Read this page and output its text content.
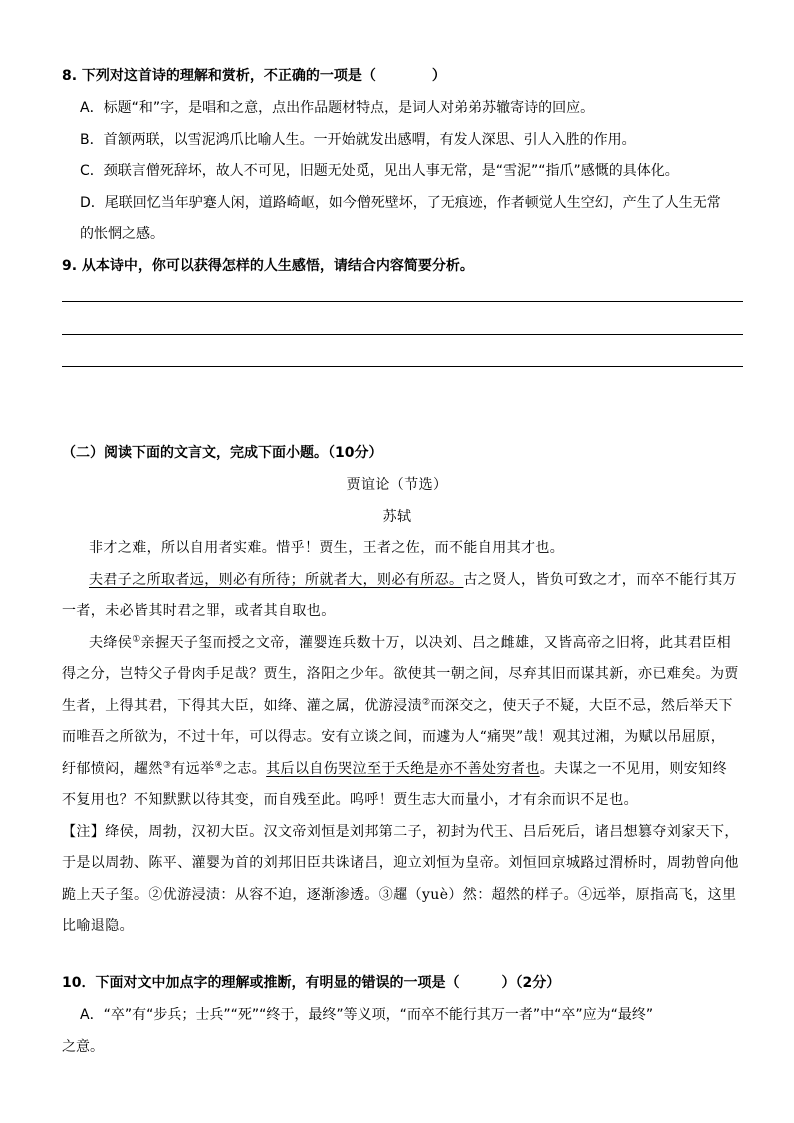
8. 下列对这首诗的理解和赏析，不正确的一项是（　　　　）
A．标题“和”字，是唱和之意，点出作品题材特点，是词人对弟弟苏辙寄诗的回应。
B．首颔两联，以雪泥鸿爪比喻人生。一开始就发出感喟，有发人深思、引人入胜的作用。
C．颈联言僧死辞坏，故人不可见，旧题无处觅，见出人事无常，是“雪泥”“指爪”感慨的具体化。
D．尾联回忆当年驴蹇人闲，道路崎岖，如今僧死壁坏，了无痕迹，作者顿觉人生空幻，产生了人生无常
的怅惘之感。
9. 从本诗中，你可以获得怎样的人生感悟，请结合内容简要分析。
（二）阅读下面的文言文，完成下面小题。（10分）
贾谊论（节选）
苏轼
非才之难，所以自用者实难。惜乎！贾生，王者之佐，而不能自用其才也。
夫君子之所取者远，则必有所待；所就者大，则必有所忍。古之贤人，皆负可致之才，而卒不能行其万
一者，未必皆其时君之罪，或者其自取也。
夫绛侯①亲握天子玺而授之文帝，灌婴连兵数十万，以决刘、吕之雌雄，又皆高帝之旧将，此其君臣相
得之分，岂特父子骨肉手足哉？贾生，洛阳之少年。欲使其一朝之间，尽弃其旧而谋其新，亦已难矣。为贾
生者，上得其君，下得其大臣，如绛、灌之属，优游浸渍②而深交之，使天子不疑，大臣不忌，然后举天下
而唯吾之所欲为，不过十年，可以得志。安有立谈之间，而遽为人“痛哭”哉！观其过湘，为赋以吊屈原，
纡郁愤闷，趯然③有远举④之志。其后以自伤哭泣至于夭绝是亦不善处穷者也。夫谋之一不见用，则安知终
不复用也？不知默默以待其变，而自残至此。呜呼！贾生志大而量小，才有余而识不足也。
【注】绛侯，周勃，汉初大臣。汉文帝刘恒是刘邦第二子，初封为代王、吕后死后，诸吕想篡夺刘家天下，
于是以周勃、陈平、灌婴为首的刘邦旧臣共诛诸吕，迎立刘恒为皇帝。刘恒回京城路过渭桥时，周勃曾向他
跪上天子玺。②优游浸渍：从容不迫，逐渐渗透。③趯（yuè）然：超然的样子。④远举，原指高飞，这里
比喻退隐。
10．下面对文中加点字的理解或推断，有明显的错误的一项是（　　　）（2分）
A．“卒”有“步兵；士兵”“死”“终于，最终”等义项，“而卒不能行其万一者”中“卒”应为“最终”
之意。
